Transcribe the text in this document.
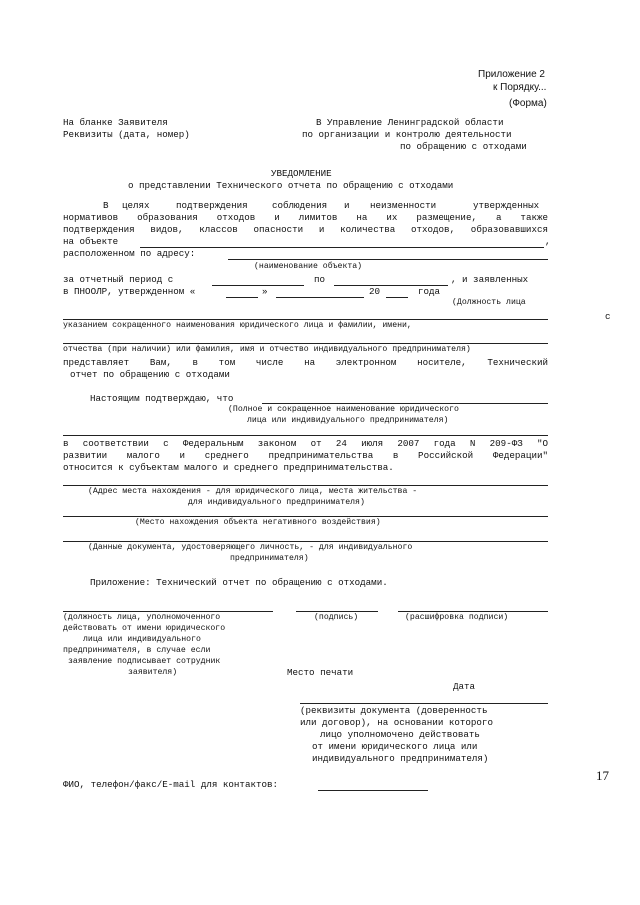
Приложение 2
к Порядку...
(Форма)
На бланке Заявителя
Реквизиты (дата, номер)
В Управление Ленинградской области
по организации и контролю деятельности
по обращению с отходами
УВЕДОМЛЕНИЕ
о представлении Технического отчета по обращению с отходами
В целях	подтверждения	соблюдения и неизменности	утвержденных
нормативов образования отходов и лимитов на их размещение, а также
подтверждения видов, классов опасности и количества отходов, образовавшихся
на объекте	,
расположенном по адресу:
(наименование объекта)
за отчетный период с	по	, и заявленных
в ПНООЛР, утвержденном «	»	20	года
(Должность лица
с
указанием сокращенного наименования юридического лица и фамилии, имени,
отчества (при наличии) или фамилия, имя и отчество индивидуального предпринимателя)
представляет Вам, в том числе на электронном носителе, Технический
отчет по обращению с отходами
Настоящим подтверждаю, что
(Полное и сокращенное наименование юридического
лица или индивидуального предпринимателя)
в соответствии с Федеральным законом от 24 июля 2007 года N 209-ФЗ "О
развитии малого и среднего предпринимательства в Российской Федерации"
относится к субъектам малого и среднего предпринимательства.
(Адрес места нахождения - для юридического лица, места жительства -
для индивидуального предпринимателя)
(Место нахождения объекта негативного воздействия)
(Данные документа, удостоверяющего личность, - для индивидуального
предпринимателя)
Приложение: Технический отчет по обращению с отходами.
(должность лица, уполномоченного
действовать от имени юридического
лица или индивидуального
предпринимателя, в случае если
заявление подписывает сотрудник
заявителя)
(подпись)	(расшифровка подписи)
Место печати
Дата
(реквизиты документа (доверенность
или договор), на основании которого
лицо уполномочено действовать
от имени юридического лица или
индивидуального предпринимателя)
ФИО, телефон/факс/E-mail для контактов:
17
